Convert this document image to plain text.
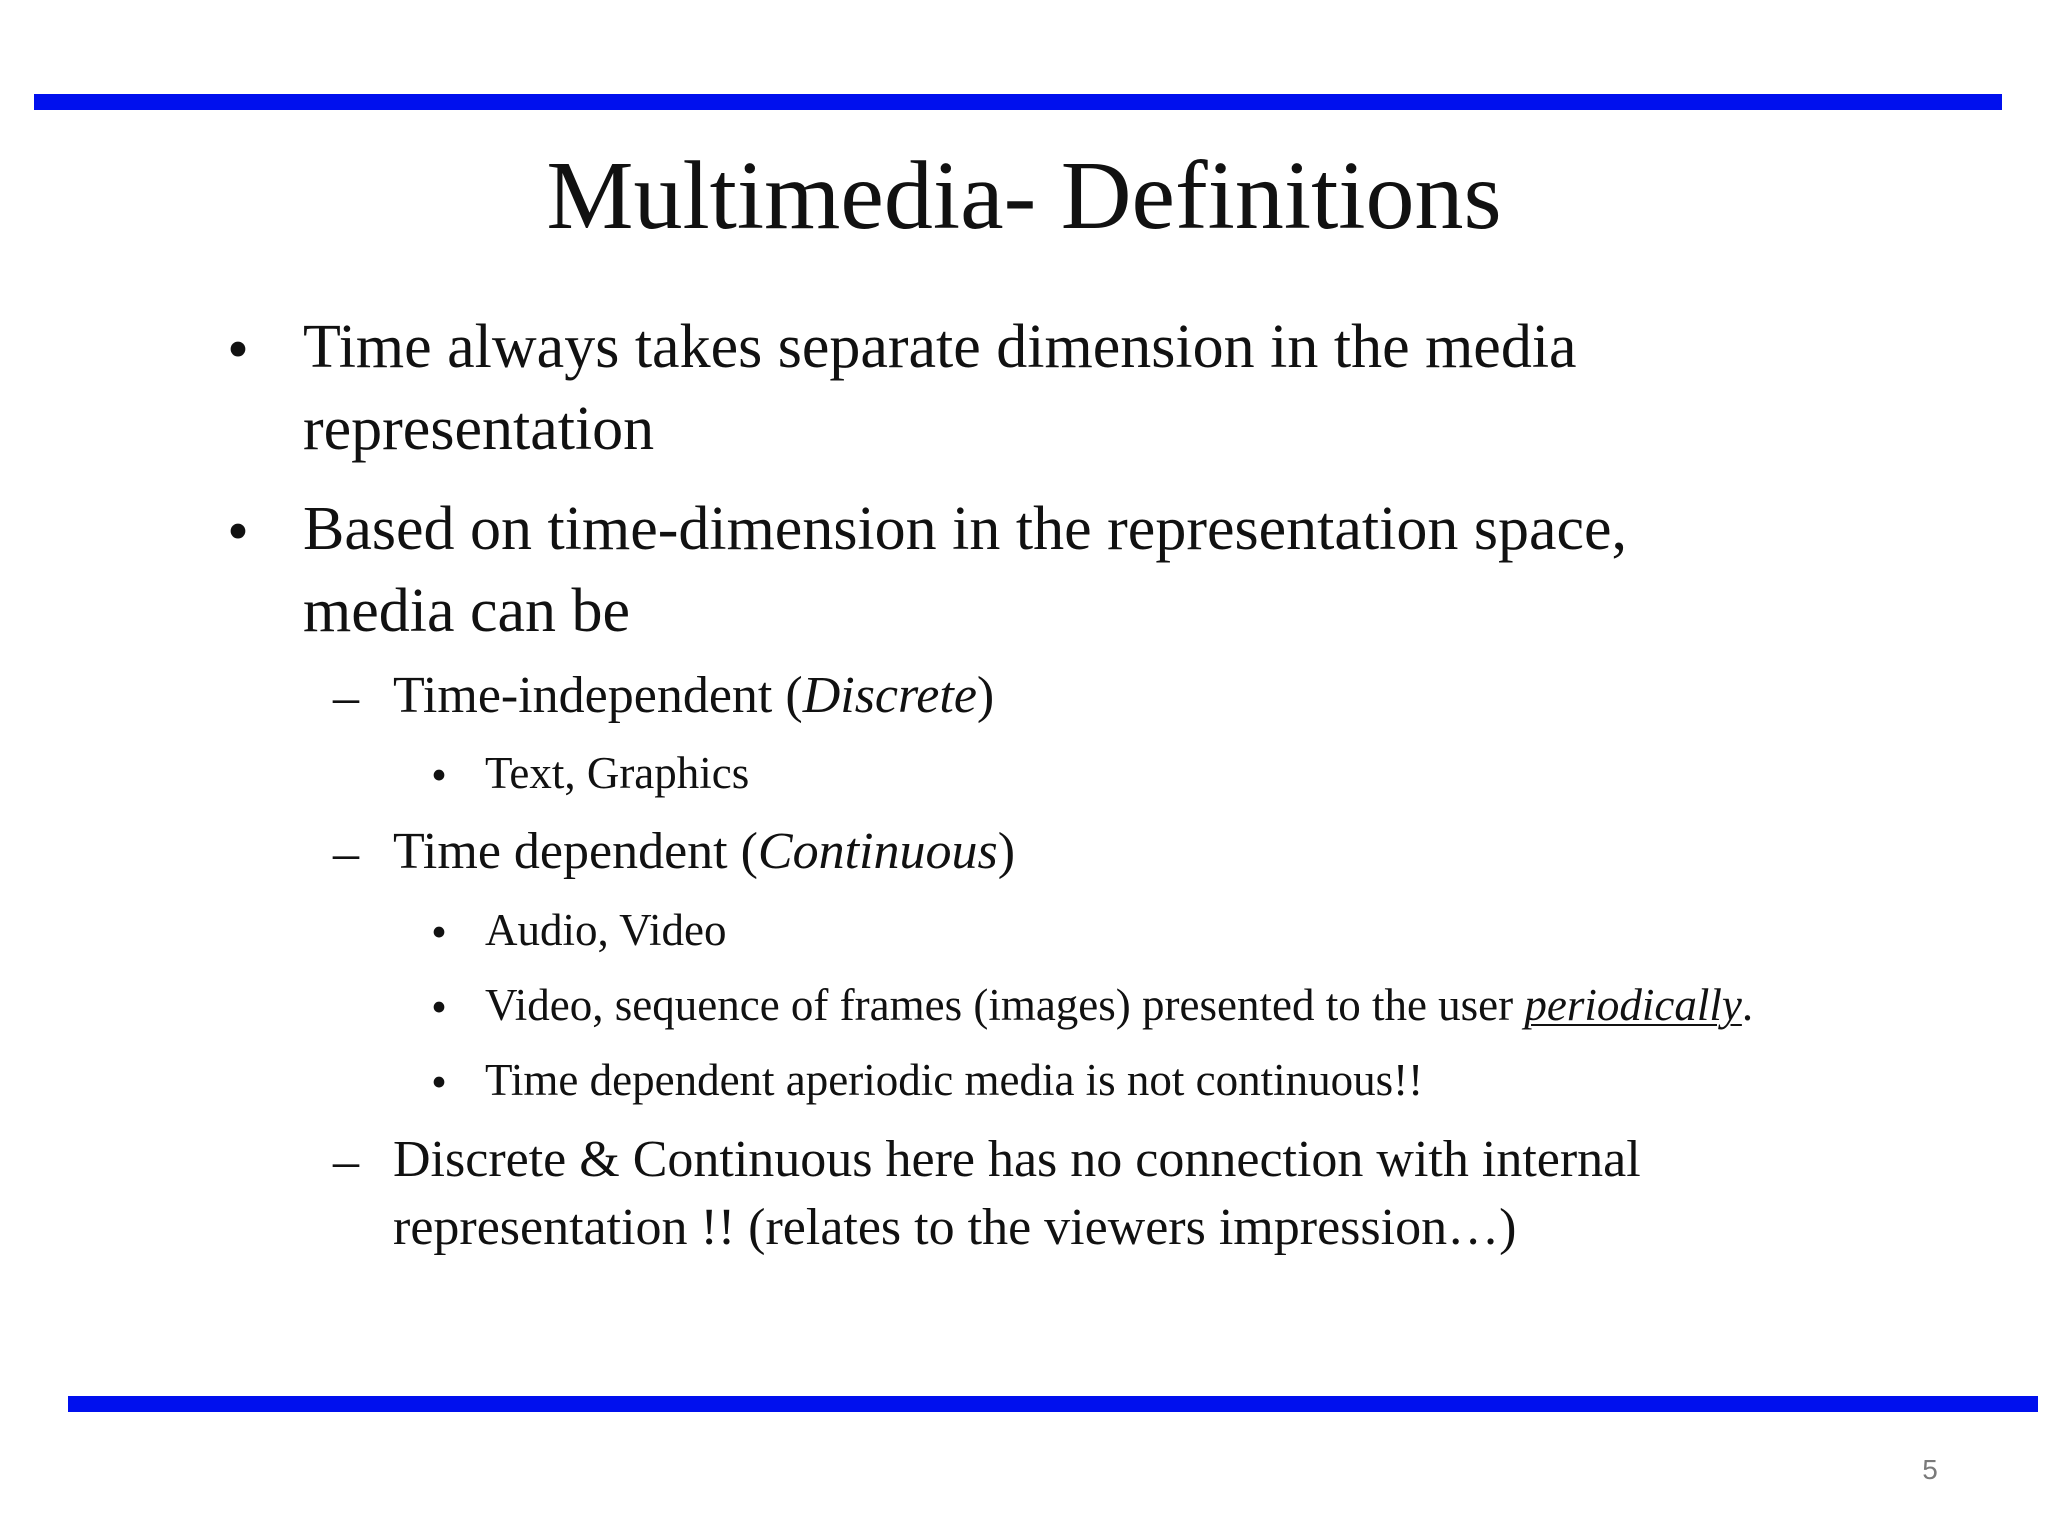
Multimedia- Definitions
• Time always takes separate dimension in the media
representation
• Based on time-dimension in the representation space,
media can be
– Time-independent (Discrete)
• Text, Graphics
– Time dependent (Continuous)
• Audio, Video
• Video, sequence of frames (images) presented to the user periodically.
• Time dependent aperiodic media is not continuous!!
– Discrete & Continuous here has no connection with internal
representation !! (relates to the viewers impression…)
5
